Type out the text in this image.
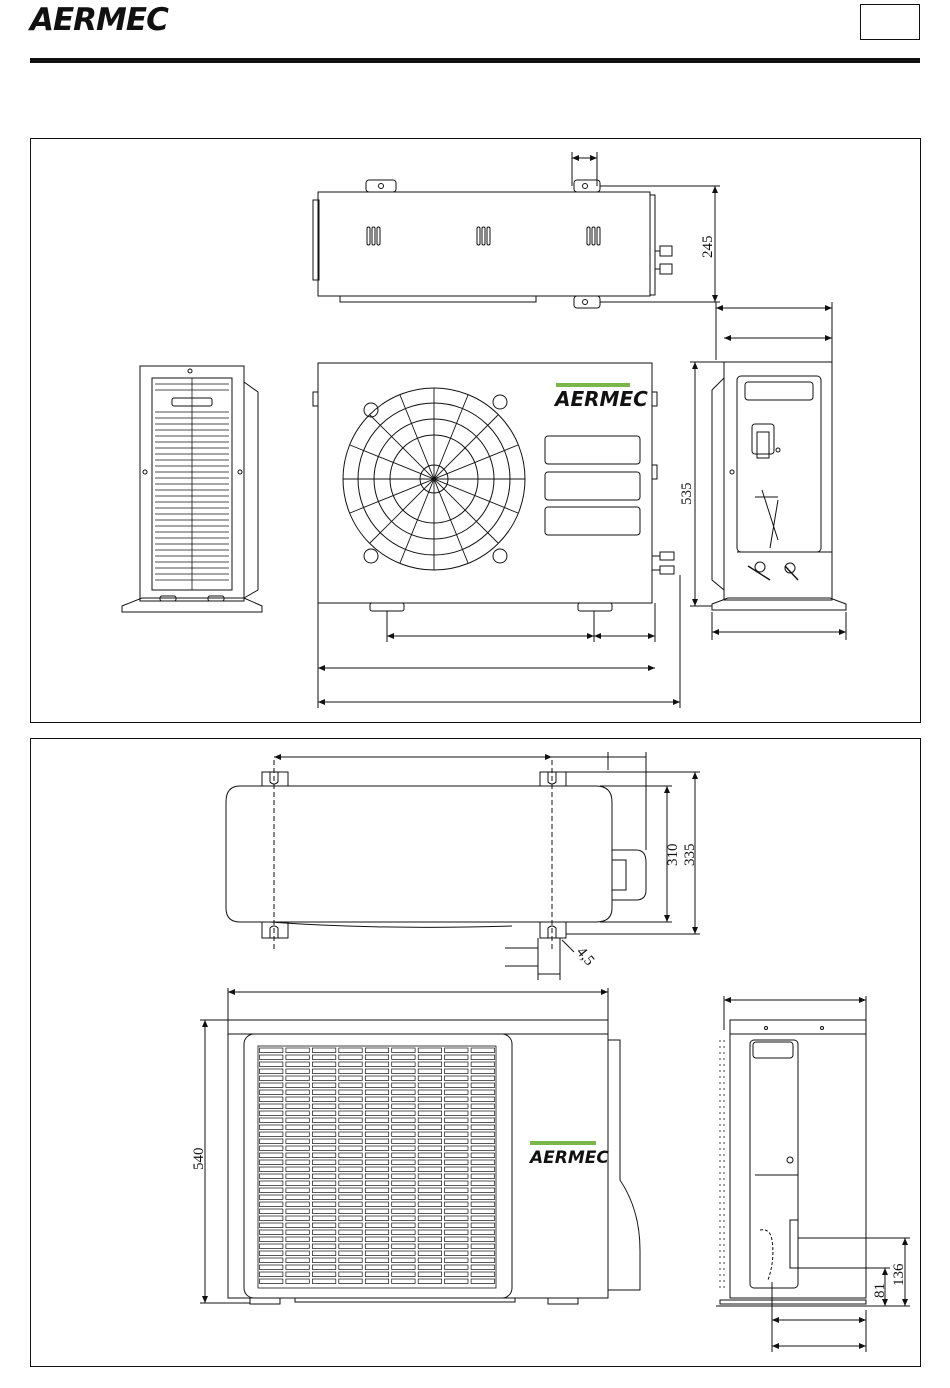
AERMEC
AERMEC
AERMEC
245
535
310 335
4,5
540
81
136
